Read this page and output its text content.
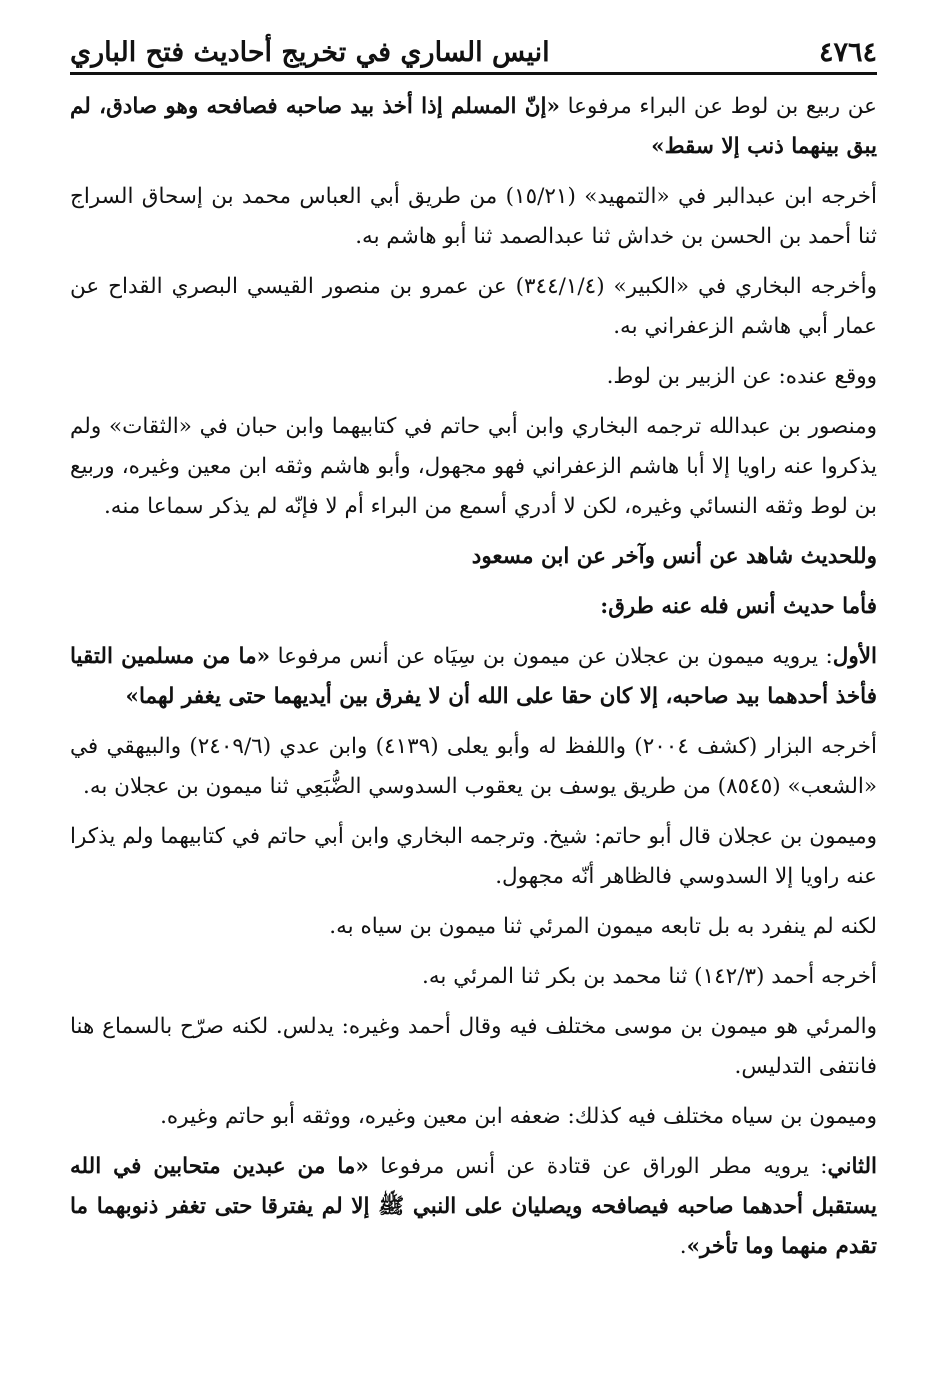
٤٧٦٤
انيس الساري في تخريج أحاديث فتح الباري

عن ربيع بن لوط عن البراء مرفوعا «إنّ المسلم إذا أخذ بيد صاحبه فصافحه وهو صادق، لم يبق بينهما ذنب إلا سقط»

أخرجه ابن عبدالبر في «التمهيد» (١٥/٢١) من طريق أبي العباس محمد بن إسحاق السراج ثنا أحمد بن الحسن بن خداش ثنا عبدالصمد ثنا أبو هاشم به.

وأخرجه البخاري في «الكبير» (٣٤٤/١/٤) عن عمرو بن منصور القيسي البصري القداح عن عمار أبي هاشم الزعفراني به.

ووقع عنده: عن الزبير بن لوط.

ومنصور بن عبدالله ترجمه البخاري وابن أبي حاتم في كتابيهما وابن حبان في «الثقات» ولم يذكروا عنه راويا إلا أبا هاشم الزعفراني فهو مجهول، وأبو هاشم وثقه ابن معين وغيره، وربيع بن لوط وثقه النسائي وغيره، لكن لا أدري أسمع من البراء أم لا فإنّه لم يذكر سماعا منه.

وللحديث شاهد عن أنس وآخر عن ابن مسعود

فأما حديث أنس فله عنه طرق:

الأول: يرويه ميمون بن عجلان عن ميمون بن سِيَاه عن أنس مرفوعا «ما من مسلمين التقيا فأخذ أحدهما بيد صاحبه، إلا كان حقا على الله أن لا يفرق بين أيديهما حتى يغفر لهما»

أخرجه البزار (كشف ٢٠٠٤) واللفظ له وأبو يعلى (٤١٣٩) وابن عدي (٢٤٠٩/٦) والبيهقي في «الشعب» (٨٥٤٥) من طريق يوسف بن يعقوب السدوسي الضُّبَعِي ثنا ميمون بن عجلان به.

وميمون بن عجلان قال أبو حاتم: شيخ. وترجمه البخاري وابن أبي حاتم في كتابيهما ولم يذكرا عنه راويا إلا السدوسي فالظاهر أنّه مجهول.

لكنه لم ينفرد به بل تابعه ميمون المرئي ثنا ميمون بن سياه به.

أخرجه أحمد (١٤٢/٣) ثنا محمد بن بكر ثنا المرئي به.

والمرئي هو ميمون بن موسى مختلف فيه وقال أحمد وغيره: يدلس. لكنه صرّح بالسماع هنا فانتفى التدليس.

وميمون بن سياه مختلف فيه كذلك: ضعفه ابن معين وغيره، ووثقه أبو حاتم وغيره.

الثاني: يرويه مطر الوراق عن قتادة عن أنس مرفوعا «ما من عبدين متحابين في الله يستقبل أحدهما صاحبه فيصافحه ويصليان على النبي ﷺ إلا لم يفترقا حتى تغفر ذنوبهما ما تقدم منهما وما تأخر».
